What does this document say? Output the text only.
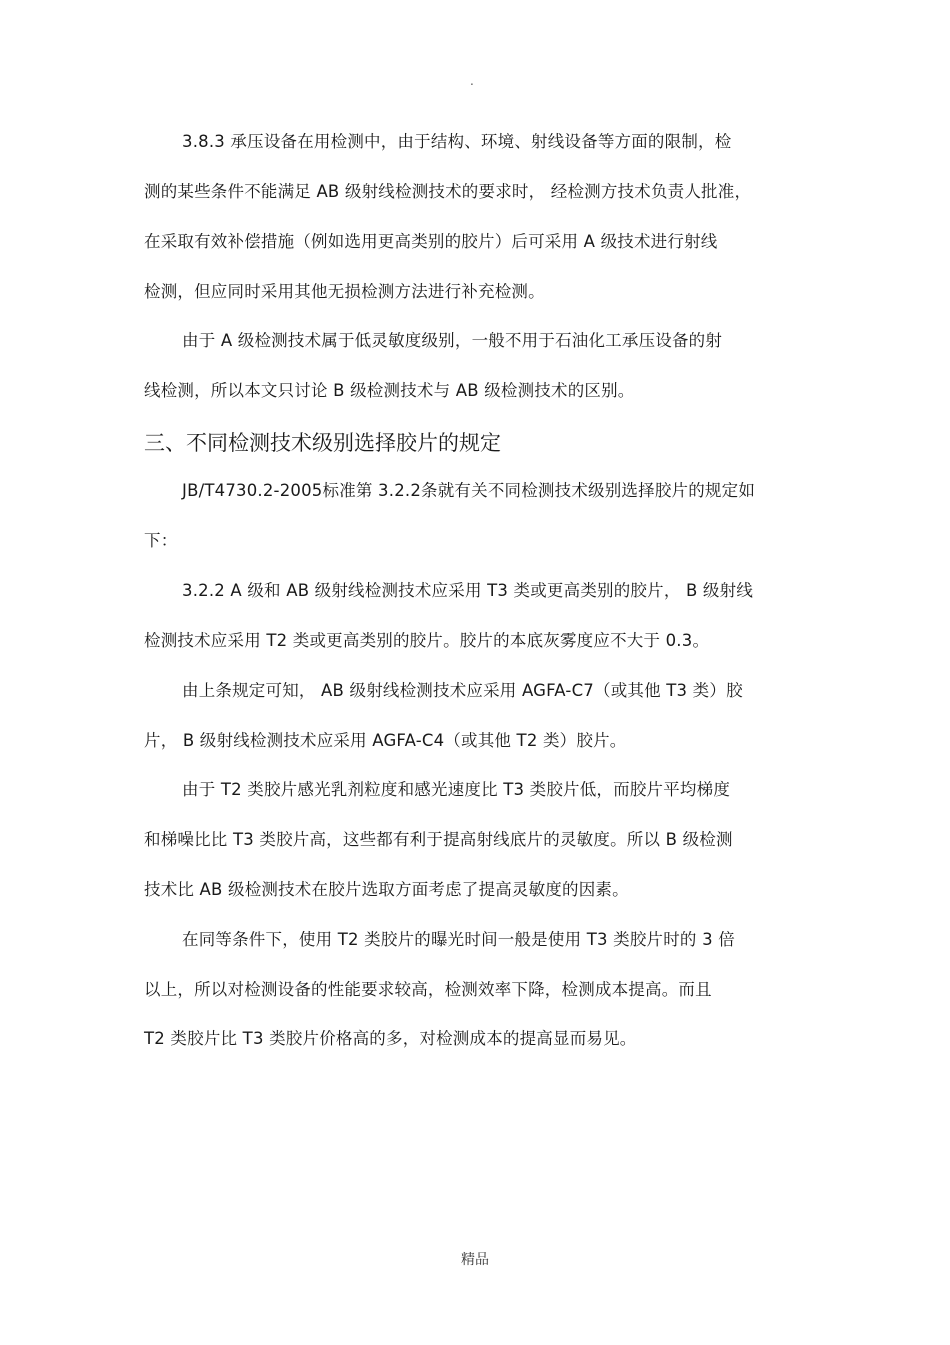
.
3.8.3 承压设备在用检测中，由于结构、环境、射线设备等方面的限制，检
测的某些条件不能满足 AB 级射线检测技术的要求时， 经检测方技术负责人批准，
在采取有效补偿措施（例如选用更高类别的胶片）后可采用 A 级技术进行射线
检测，但应同时采用其他无损检测方法进行补充检测。
由于 A 级检测技术属于低灵敏度级别，一般不用于石油化工承压设备的射
线检测，所以本文只讨论 B 级检测技术与 AB 级检测技术的区别。
三、不同检测技术级别选择胶片的规定
JB/T4730.2-2005标准第 3.2.2条就有关不同检测技术级别选择胶片的规定如
下：
3.2.2 A 级和 AB 级射线检测技术应采用 T3 类或更高类别的胶片， B 级射线
检测技术应采用 T2 类或更高类别的胶片。胶片的本底灰雾度应不大于 0.3。
由上条规定可知， AB 级射线检测技术应采用 AGFA-C7（或其他 T3 类）胶
片， B 级射线检测技术应采用 AGFA-C4（或其他 T2 类）胶片。
由于 T2 类胶片感光乳剂粒度和感光速度比 T3 类胶片低，而胶片平均梯度
和梯噪比比 T3 类胶片高，这些都有利于提高射线底片的灵敏度。所以 B 级检测
技术比 AB 级检测技术在胶片选取方面考虑了提高灵敏度的因素。
在同等条件下，使用 T2 类胶片的曝光时间一般是使用 T3 类胶片时的 3 倍
以上，所以对检测设备的性能要求较高，检测效率下降，检测成本提高。而且
T2 类胶片比 T3 类胶片价格高的多，对检测成本的提高显而易见。
精品
